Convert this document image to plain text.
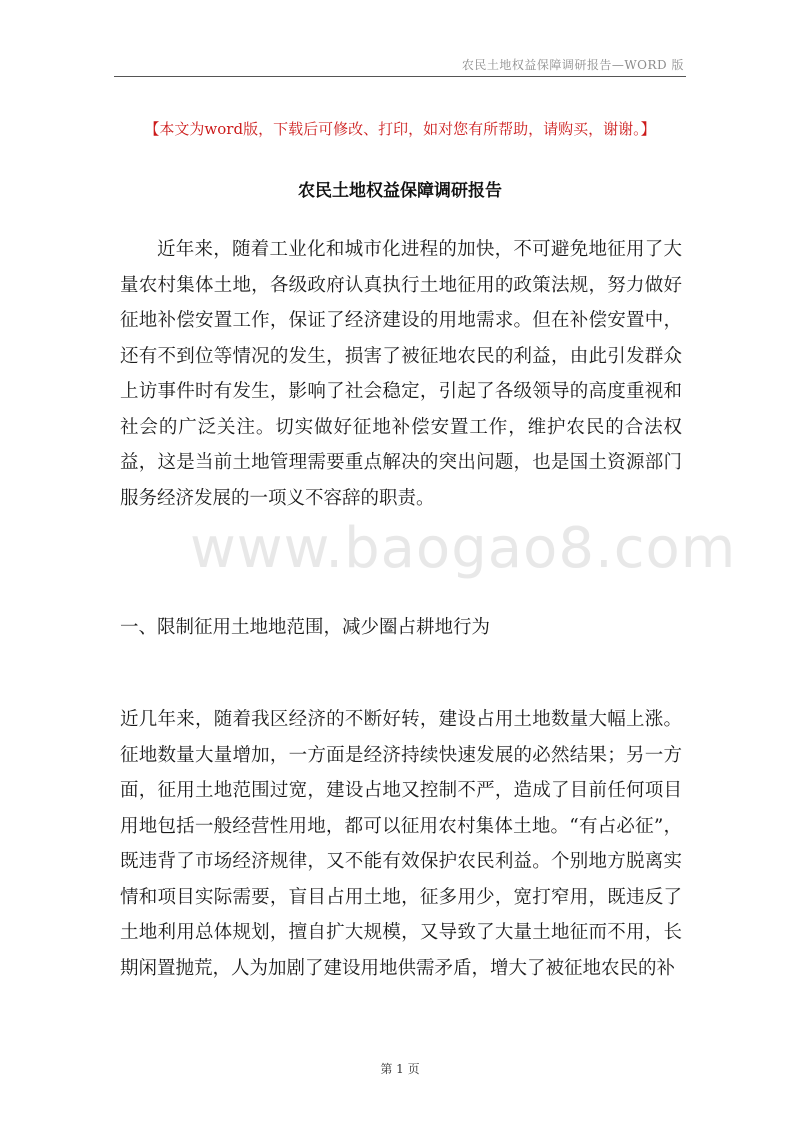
农民土地权益保障调研报告—WORD 版
【本文为word版，下载后可修改、打印，如对您有所帮助，请购买，谢谢。】
农民土地权益保障调研报告

近年来，随着工业化和城市化进程的加快，不可避免地征用了大量农村集体土地，各级政府认真执行土地征用的政策法规，努力做好征地补偿安置工作，保证了经济建设的用地需求。但在补偿安置中，还有不到位等情况的发生，损害了被征地农民的利益，由此引发群众上访事件时有发生，影响了社会稳定，引起了各级领导的高度重视和社会的广泛关注。切实做好征地补偿安置工作，维护农民的合法权益，这是当前土地管理需要重点解决的突出问题，也是国土资源部门服务经济发展的一项义不容辞的职责。

www.baogao8.com

一、限制征用土地地范围，减少圈占耕地行为

近几年来，随着我区经济的不断好转，建设占用土地数量大幅上涨。征地数量大量增加，一方面是经济持续快速发展的必然结果；另一方面，征用土地范围过宽，建设占地又控制不严，造成了目前任何项目用地包括一般经营性用地，都可以征用农村集体土地。“有占必征”，既违背了市场经济规律，又不能有效保护农民利益。个别地方脱离实情和项目实际需要，盲目占用土地，征多用少，宽打窄用，既违反了土地利用总体规划，擅自扩大规模，又导致了大量土地征而不用，长期闲置抛荒，人为加剧了建设用地供需矛盾，增大了被征地农民的补

第 1 页
